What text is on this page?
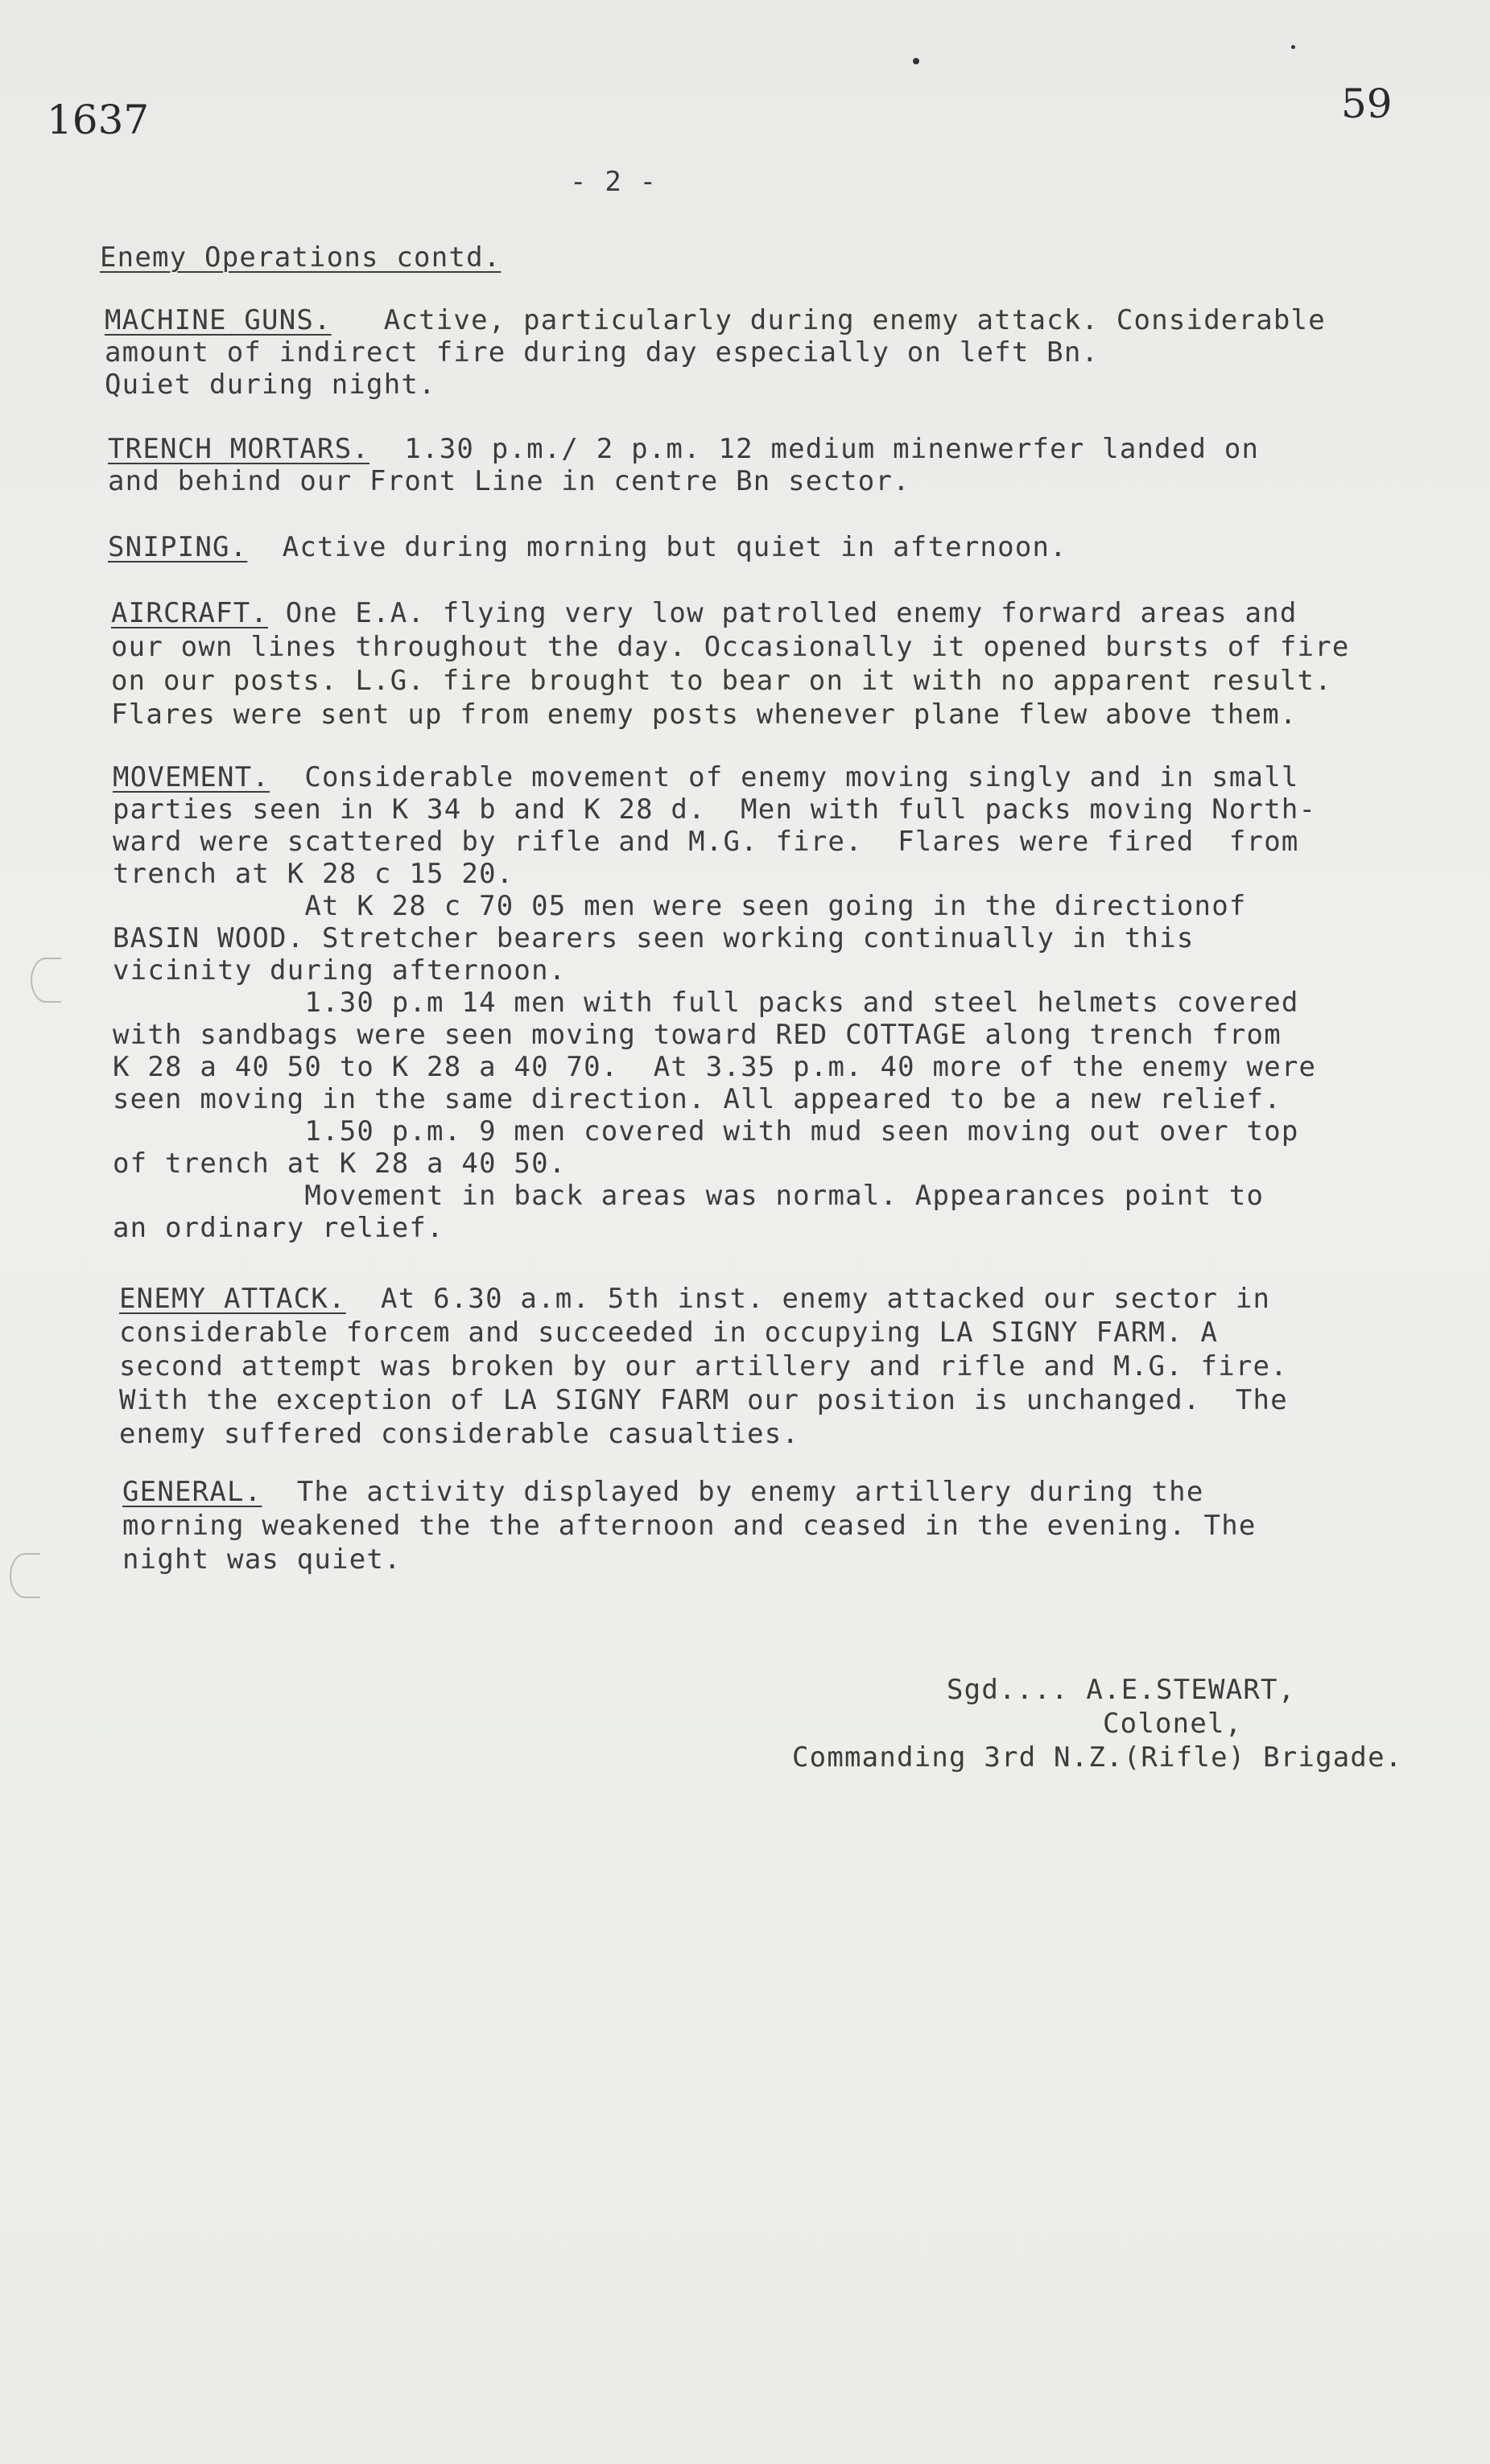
1637	59
- 2 -
Enemy Operations contd.

MACHINE GUNS.   Active, particularly during enemy attack. Considerable

amount of indirect fire during day especially on left Bn.

Quiet during night.

TRENCH MORTARS.  1.30 p.m./ 2 p.m. 12 medium minenwerfer landed on

and behind our Front Line in centre Bn sector.

SNIPING.  Active during morning but quiet in afternoon.

AIRCRAFT. One E.A. flying very low patrolled enemy forward areas and

our own lines throughout the day. Occasionally it opened bursts of fire

on our posts. L.G. fire brought to bear on it with no apparent result.

Flares were sent up from enemy posts whenever plane flew above them.

MOVEMENT.  Considerable movement of enemy moving singly and in small

parties seen in K 34 b and K 28 d.  Men with full packs moving North-

ward were scattered by rifle and M.G. fire.  Flares were fired  from

trench at K 28 c 15 20.

At K 28 c 70 05 men were seen going in the directionof

BASIN WOOD. Stretcher bearers seen working continually in this

vicinity during afternoon.

1.30 p.m 14 men with full packs and steel helmets covered

with sandbags were seen moving toward RED COTTAGE along trench from

K 28 a 40 50 to K 28 a 40 70.  At 3.35 p.m. 40 more of the enemy were

seen moving in the same direction. All appeared to be a new relief.

1.50 p.m. 9 men covered with mud seen moving out over top

of trench at K 28 a 40 50.

Movement in back areas was normal. Appearances point to

an ordinary relief.

ENEMY ATTACK.  At 6.30 a.m. 5th inst. enemy attacked our sector in

considerable forcem and succeeded in occupying LA SIGNY FARM. A

second attempt was broken by our artillery and rifle and M.G. fire.

With the exception of LA SIGNY FARM our position is unchanged.  The

enemy suffered considerable casualties.

GENERAL.  The activity displayed by enemy artillery during the

morning weakened the the afternoon and ceased in the evening. The

night was quiet.

Sgd.... A.E.STEWART,
Colonel,
Commanding 3rd N.Z.(Rifle) Brigade.
